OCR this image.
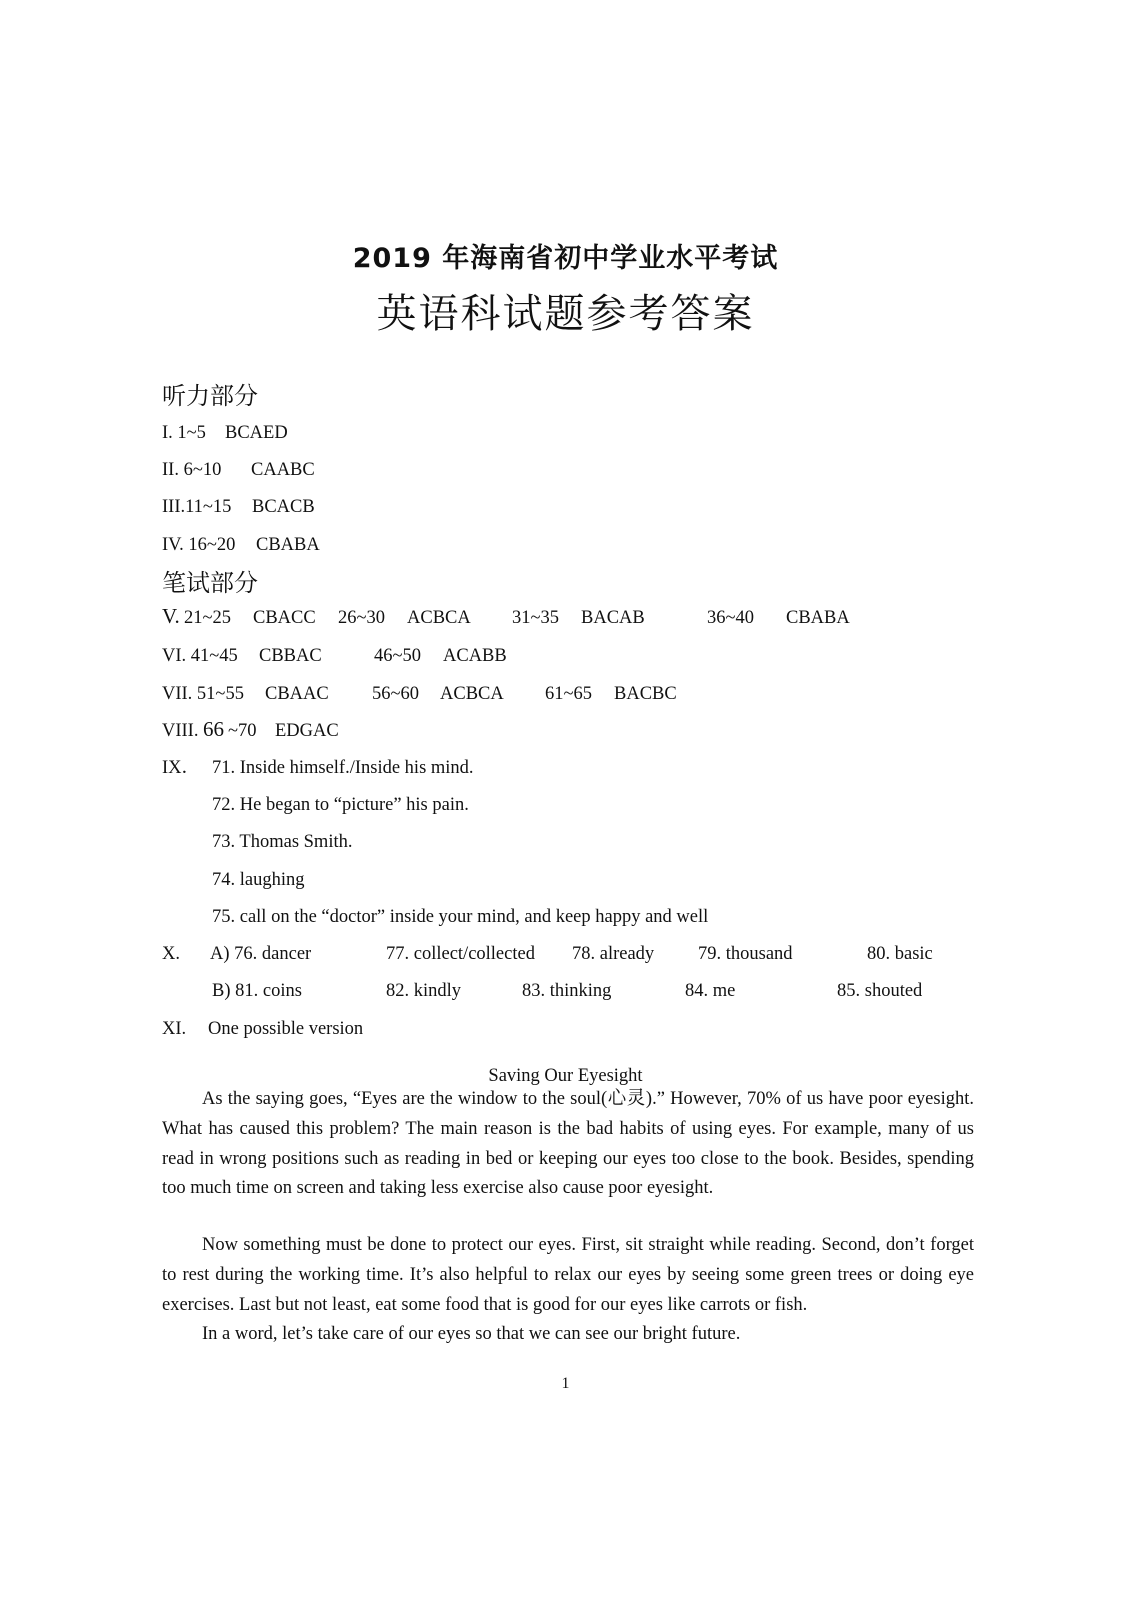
2019 年海南省初中学业水平考试
英语科试题参考答案
听力部分
I. 1~5 BCAED
II. 6~10 CAABC
III.11~15 BCACB
IV. 16~20 CBABA
笔试部分
V. 21~25 CBACC 26~30 ACBCA 31~35 BACAB	36~40 CBABA
VI. 41~45 CBBAC	46~50 ACABB
VII. 51~55 CBAAC 56~60 ACBCA 61~65 BACBC
VIII. 66 ~70 EDGAC
IX． 71. Inside himself./Inside his mind.
72. He began to “picture” his pain.
73. Thomas Smith.
74. laughing
75. call on the “doctor” inside your mind, and keep happy and well
X. A) 76. dancer	77. collect/collected 78. already 79. thousand	80. basic
B) 81. coins	82. kindly	83. thinking	84. me	85. shouted
XI. One possible version
Saving Our Eyesight

As the saying goes, “Eyes are the window to the soul(心灵).” However, 70% of us have poor eyesight. What has caused this problem? The main reason is the bad habits of using eyes. For example, many of us read in wrong positions such as reading in bed or keeping our eyes too close to the book. Besides, spending too much time on screen and taking less exercise also cause poor eyesight.

Now something must be done to protect our eyes. First, sit straight while reading. Second, don’t forget to rest during the working time. It’s also helpful to relax our eyes by seeing some green trees or doing eye exercises. Last but not least, eat some food that is good for our eyes like carrots or fish.

In a word, let’s take care of our eyes so that we can see our bright future.

1
